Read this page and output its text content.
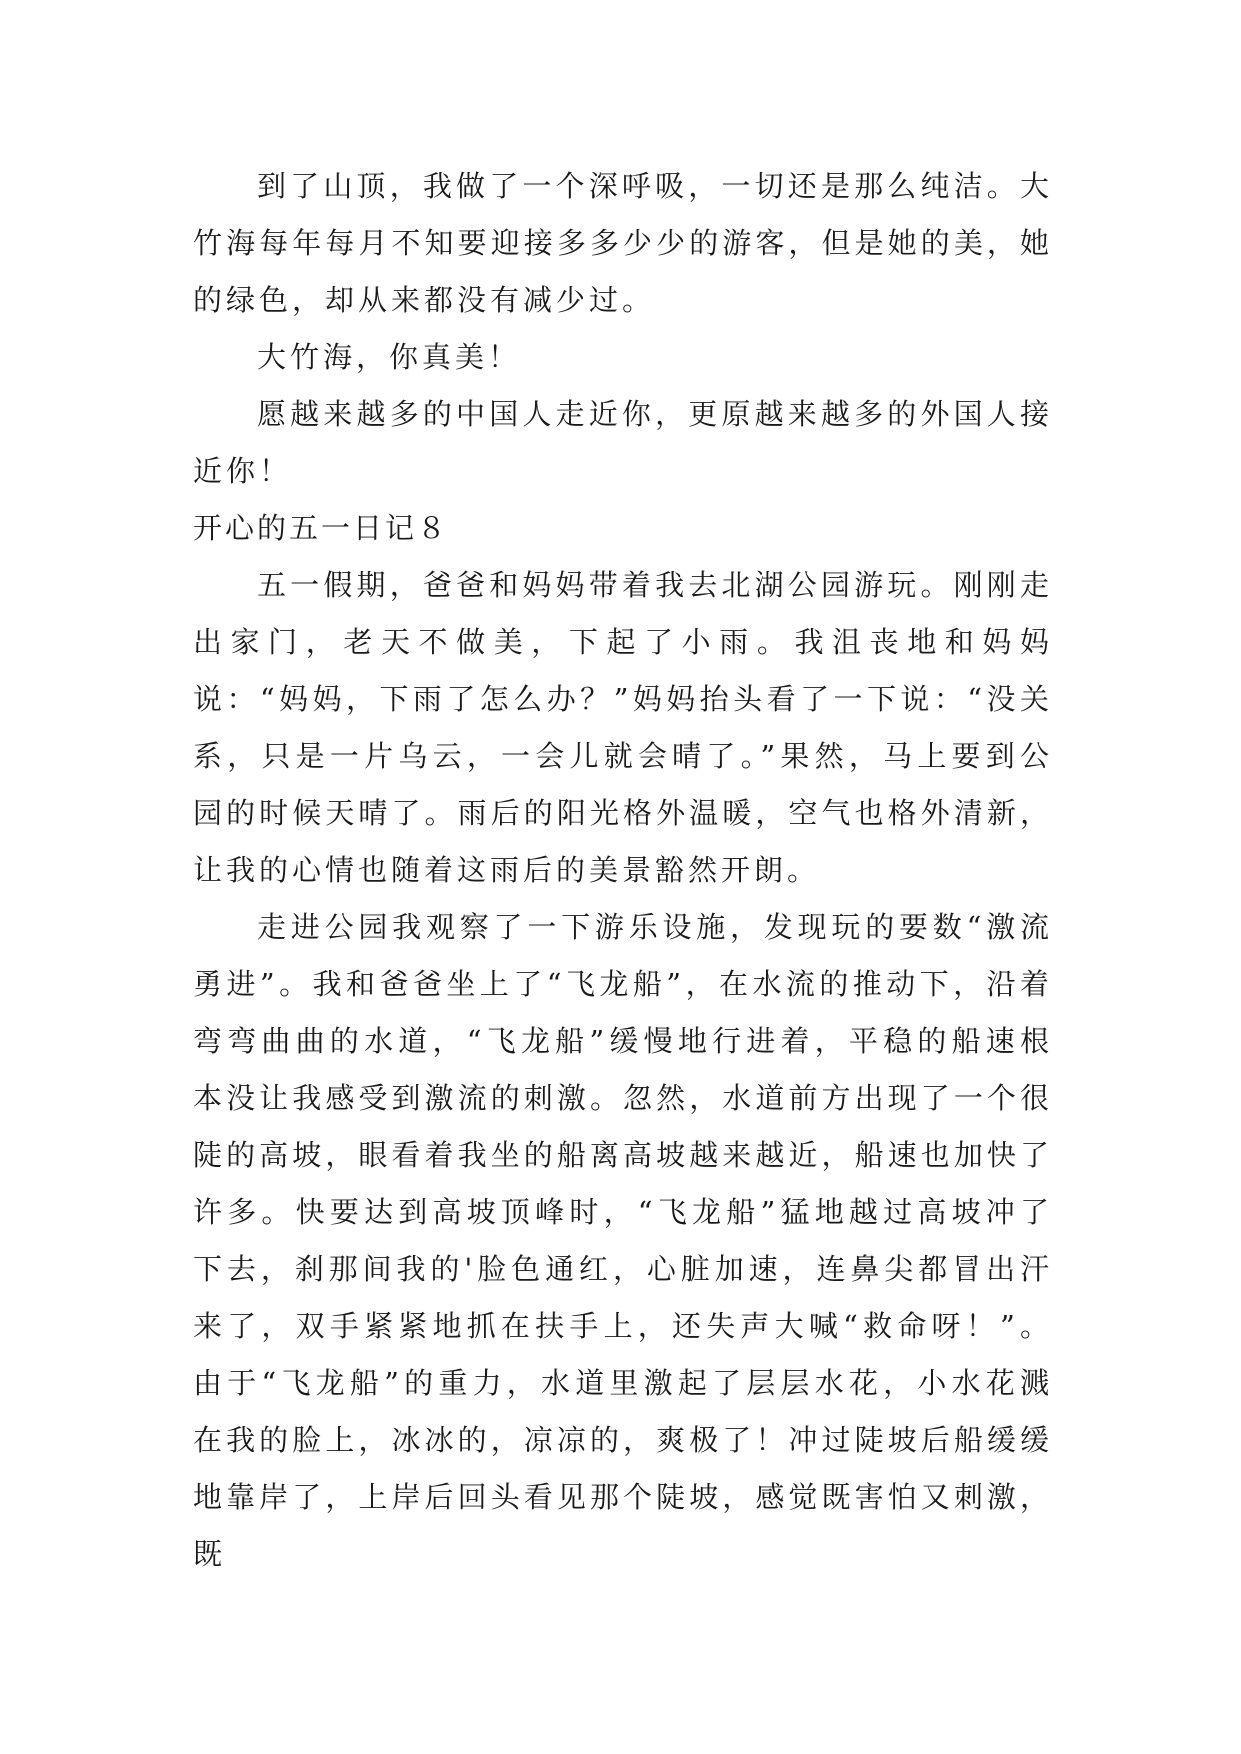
到了山顶，我做了一个深呼吸，一切还是那么纯洁。大竹海每年每月不知要迎接多多少少的游客，但是她的美，她的绿色，却从来都没有减少过。

大竹海，你真美！

愿越来越多的中国人走近你，更原越来越多的外国人接近你！

开心的五一日记８

五一假期，爸爸和妈妈带着我去北湖公园游玩。刚刚走出家门，老天不做美，下起了小雨。我沮丧地和妈妈说：“妈妈，下雨了怎么办？”妈妈抬头看了一下说：“没关系，只是一片乌云，一会儿就会晴了。”果然，马上要到公园的时候天晴了。雨后的阳光格外温暖，空气也格外清新，让我的心情也随着这雨后的美景豁然开朗。

走进公园我观察了一下游乐设施，发现玩的要数“激流勇进”。我和爸爸坐上了“飞龙船”，在水流的推动下，沿着弯弯曲曲的水道，“飞龙船”缓慢地行进着，平稳的船速根本没让我感受到激流的刺激。忽然，水道前方出现了一个很陡的高坡，眼看着我坐的船离高坡越来越近，船速也加快了许多。快要达到高坡顶峰时，“飞龙船”猛地越过高坡冲了下去，刹那间我的'脸色通红，心脏加速，连鼻尖都冒出汗来了，双手紧紧地抓在扶手上，还失声大喊“救命呀！”。由于“飞龙船”的重力，水道里激起了层层水花，小水花溅在我的脸上，冰冰的，凉凉的，爽极了！冲过陡坡后船缓缓地靠岸了，上岸后回头看见那个陡坡，感觉既害怕又刺激，既
